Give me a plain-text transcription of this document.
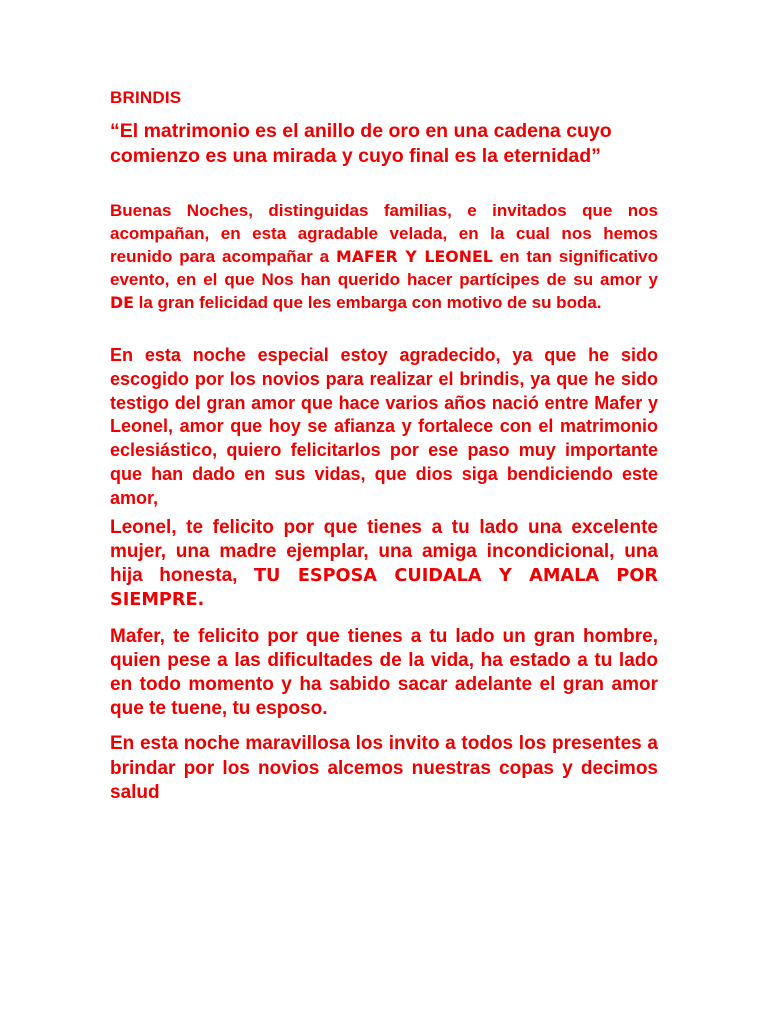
BRINDIS
“El matrimonio es el anillo de oro en una cadena cuyo comienzo es una mirada y cuyo final es la eternidad”
Buenas Noches, distinguidas familias, e invitados que nos acompañan, en esta agradable velada, en la cual nos hemos reunido para acompañar a MAFER Y LEONEL en tan significativo evento, en el que Nos han querido hacer partícipes de su amor y DE la gran felicidad que les embarga con motivo de su boda.
En esta noche especial estoy agradecido, ya que he sido escogido por los novios para realizar el brindis, ya que he sido testigo del gran amor que hace varios años nació entre Mafer y Leonel, amor que hoy se afianza y fortalece con el matrimonio eclesiástico, quiero felicitarlos por ese paso muy importante que han dado en sus vidas, que dios siga bendiciendo este amor,
Leonel, te felicito por que tienes a tu lado una excelente mujer, una madre ejemplar, una amiga incondicional, una hija honesta, TU ESPOSA CUIDALA Y AMALA POR SIEMPRE.
Mafer, te felicito por que tienes a tu lado un gran hombre, quien pese a las dificultades de la vida, ha estado a tu lado en todo momento y ha sabido sacar adelante el gran amor que te tuene, tu esposo.
En esta noche maravillosa los invito a todos los presentes a brindar por los novios alcemos nuestras copas y decimos salud
